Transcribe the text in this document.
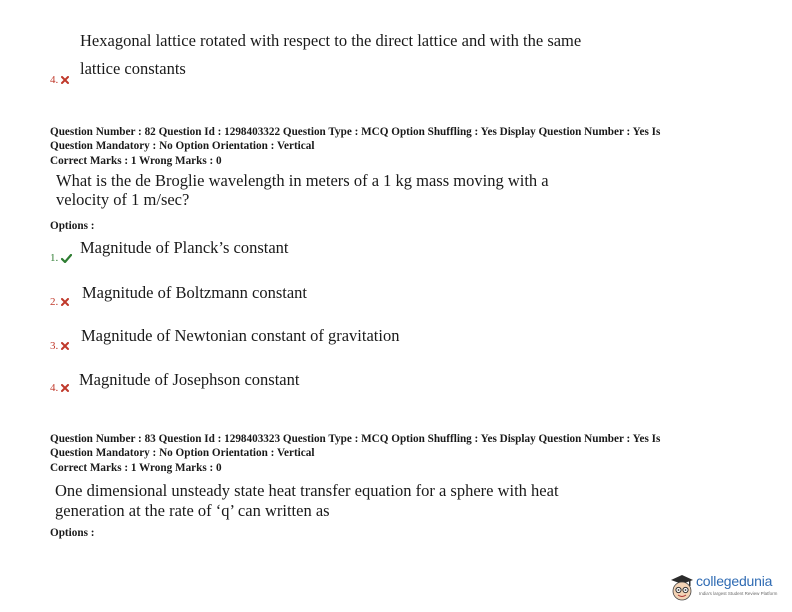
Hexagonal lattice rotated with respect to the direct lattice and with the same
4.
lattice constants
Question Number : 82 Question Id : 1298403322 Question Type : MCQ Option Shuffling : Yes Display Question Number : Yes Is
Question Mandatory : No Option Orientation : Vertical
Correct Marks : 1 Wrong Marks : 0
What is the de Broglie wavelength in meters of a 1 kg mass moving with a
velocity of 1 m/sec?
Options :
1.
Magnitude of Planck’s constant
2. Magnitude of Boltzmann constant
3.
Magnitude of Newtonian constant of gravitation
4. Magnitude of Josephson constant
Question Number : 83 Question Id : 1298403323 Question Type : MCQ Option Shuffling : Yes Display Question Number : Yes Is
Question Mandatory : No Option Orientation : Vertical
Correct Marks : 1 Wrong Marks : 0
One dimensional unsteady state heat transfer equation for a sphere with heat
generation at the rate of ‘q’ can written as
Options :
collegedunia
India's largest Student Review Platform
